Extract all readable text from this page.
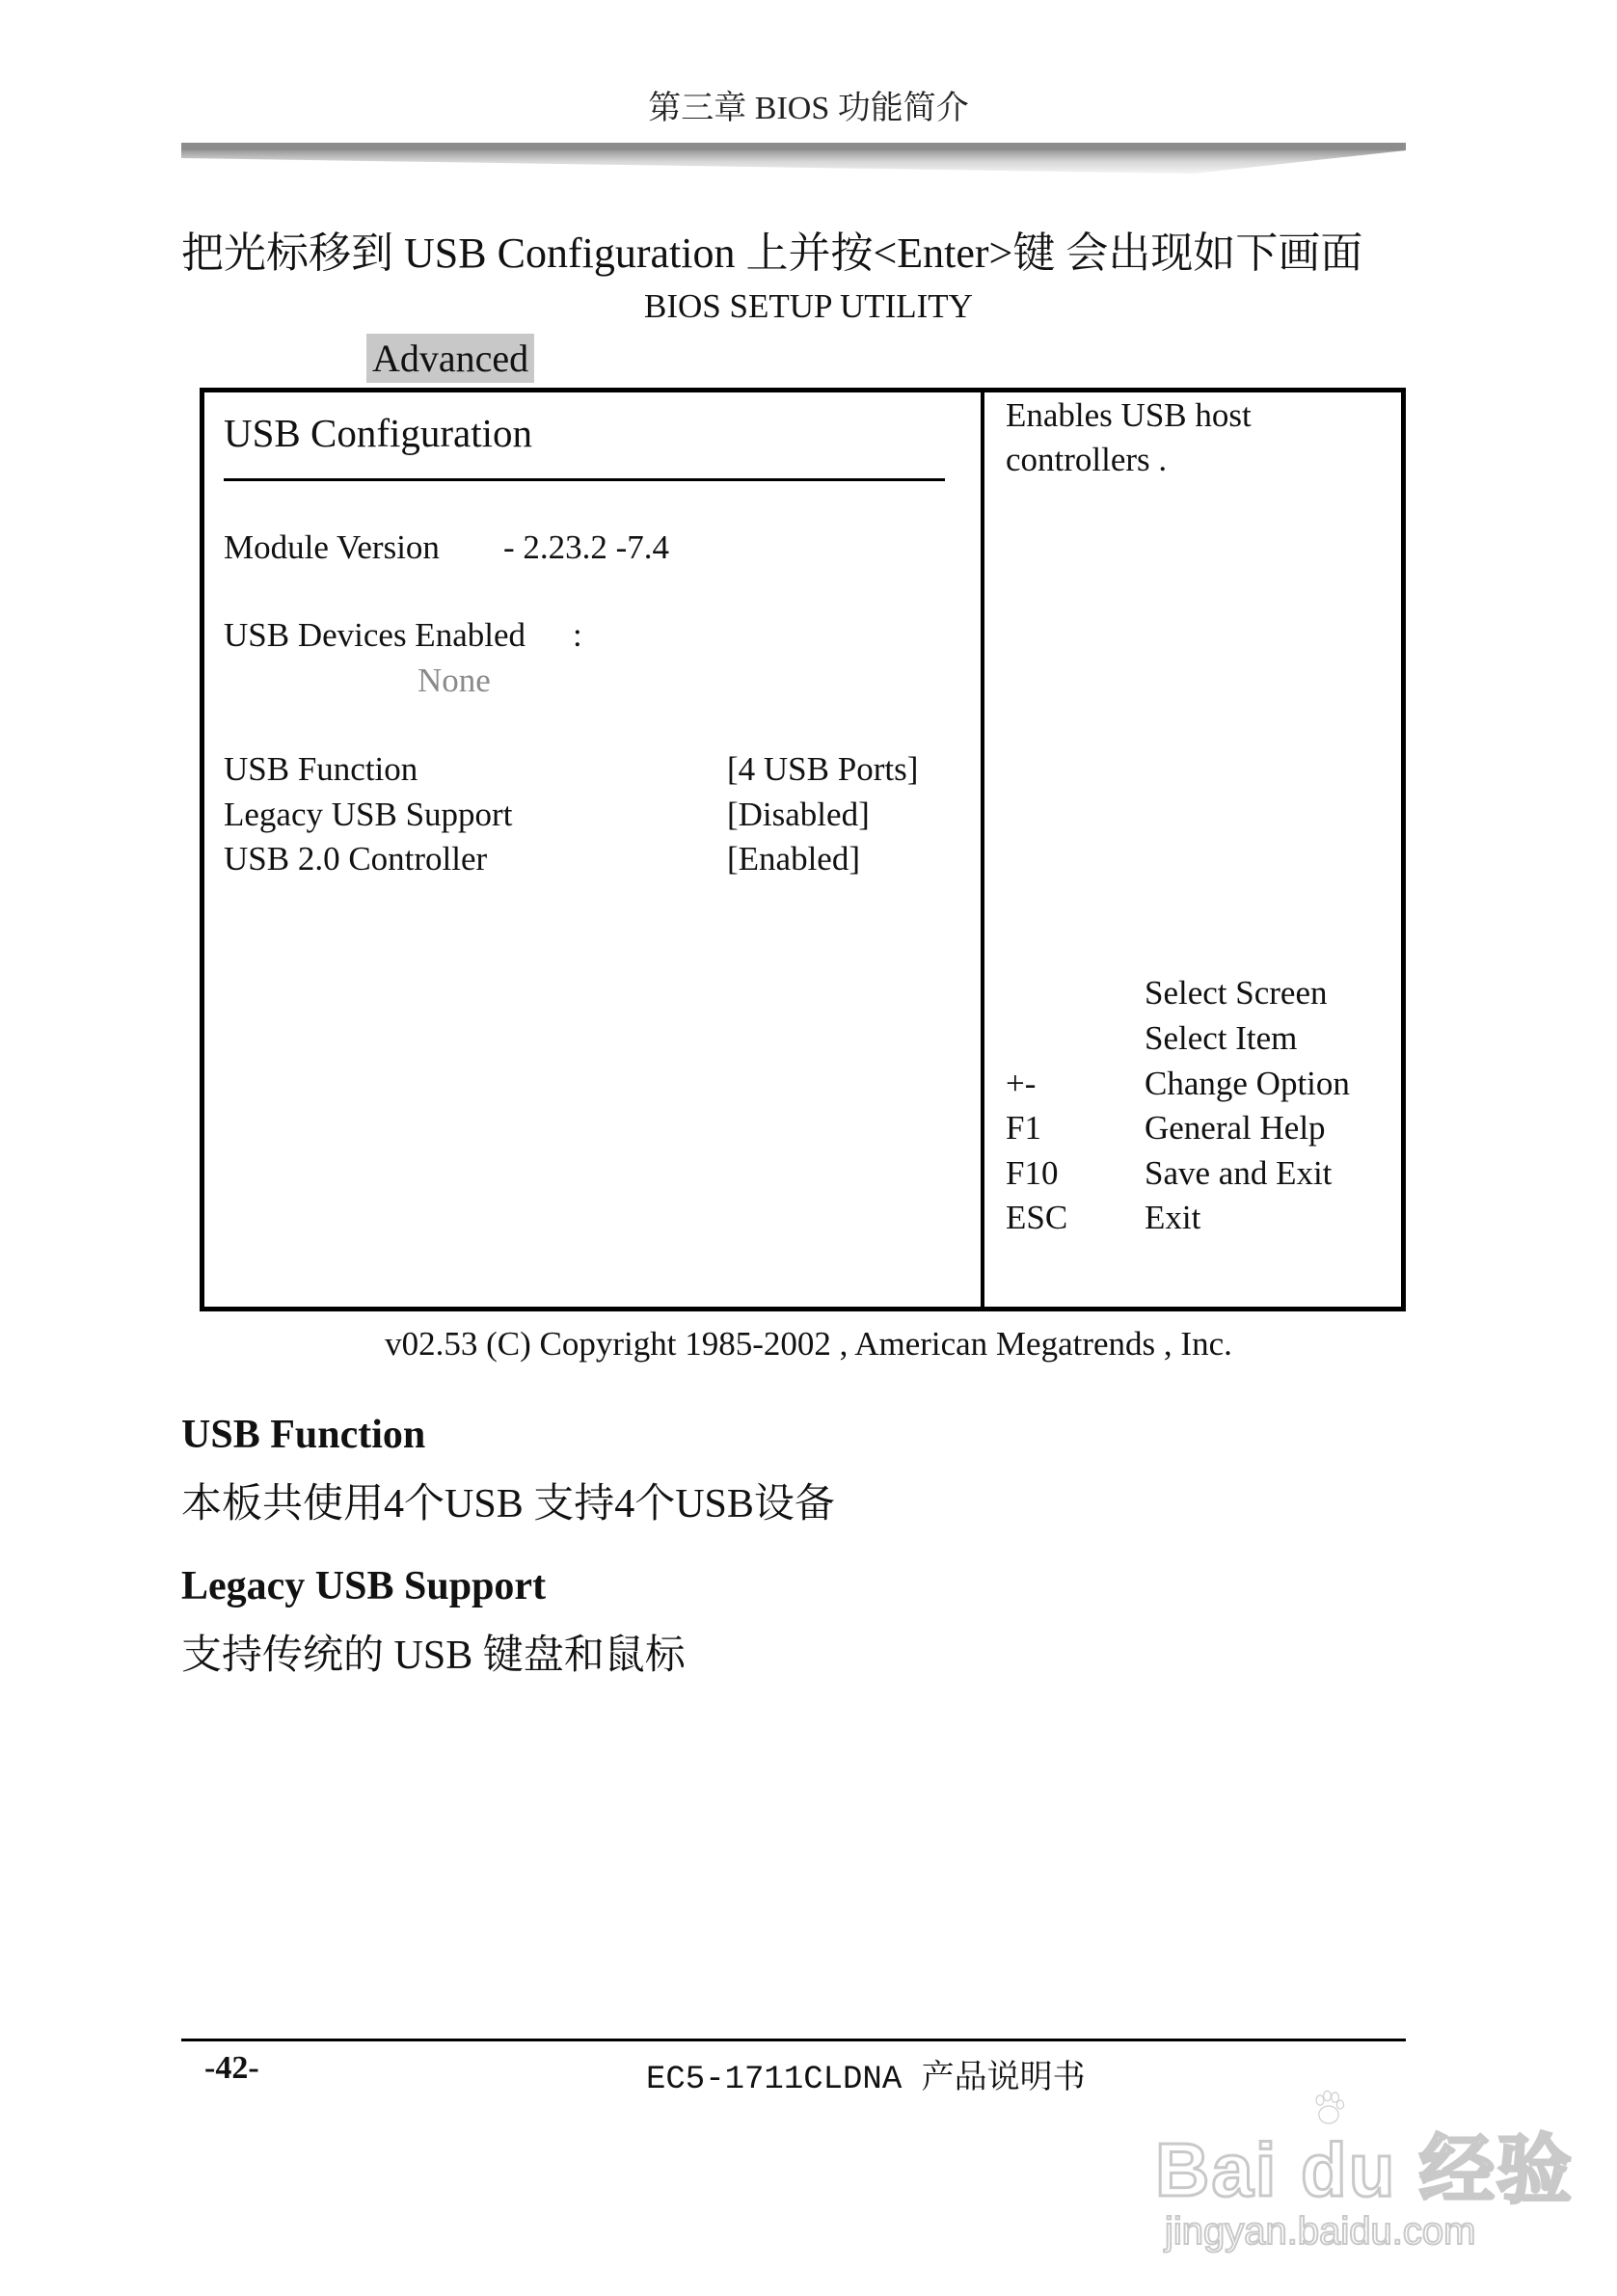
第三章 BIOS 功能简介
把光标移到 USB Configuration 上并按<Enter>键 会出现如下画面
BIOS SETUP UTILITY
Advanced
USB Configuration
Module Version - 2.23.2 -7.4
USB Devices Enabled :
None
USB Function	[4 USB Ports]
Legacy USB Support	[Disabled]
USB 2.0 Controller	[Enabled]
Enables USB host controllers .
Select Screen
Select Item
+-	Change Option
F1	General Help
F10	Save and Exit
ESC Exit
v02.53 (C) Copyright 1985-2002 , American Megatrends , Inc.
USB Function
本板共使用4个USB 支持4个USB设备
Legacy USB Support
支持传统的 USB 键盘和鼠标
-42-	EC5-1711CLDNA 产品说明书
Bai du 经验
jingyan.baidu.com
